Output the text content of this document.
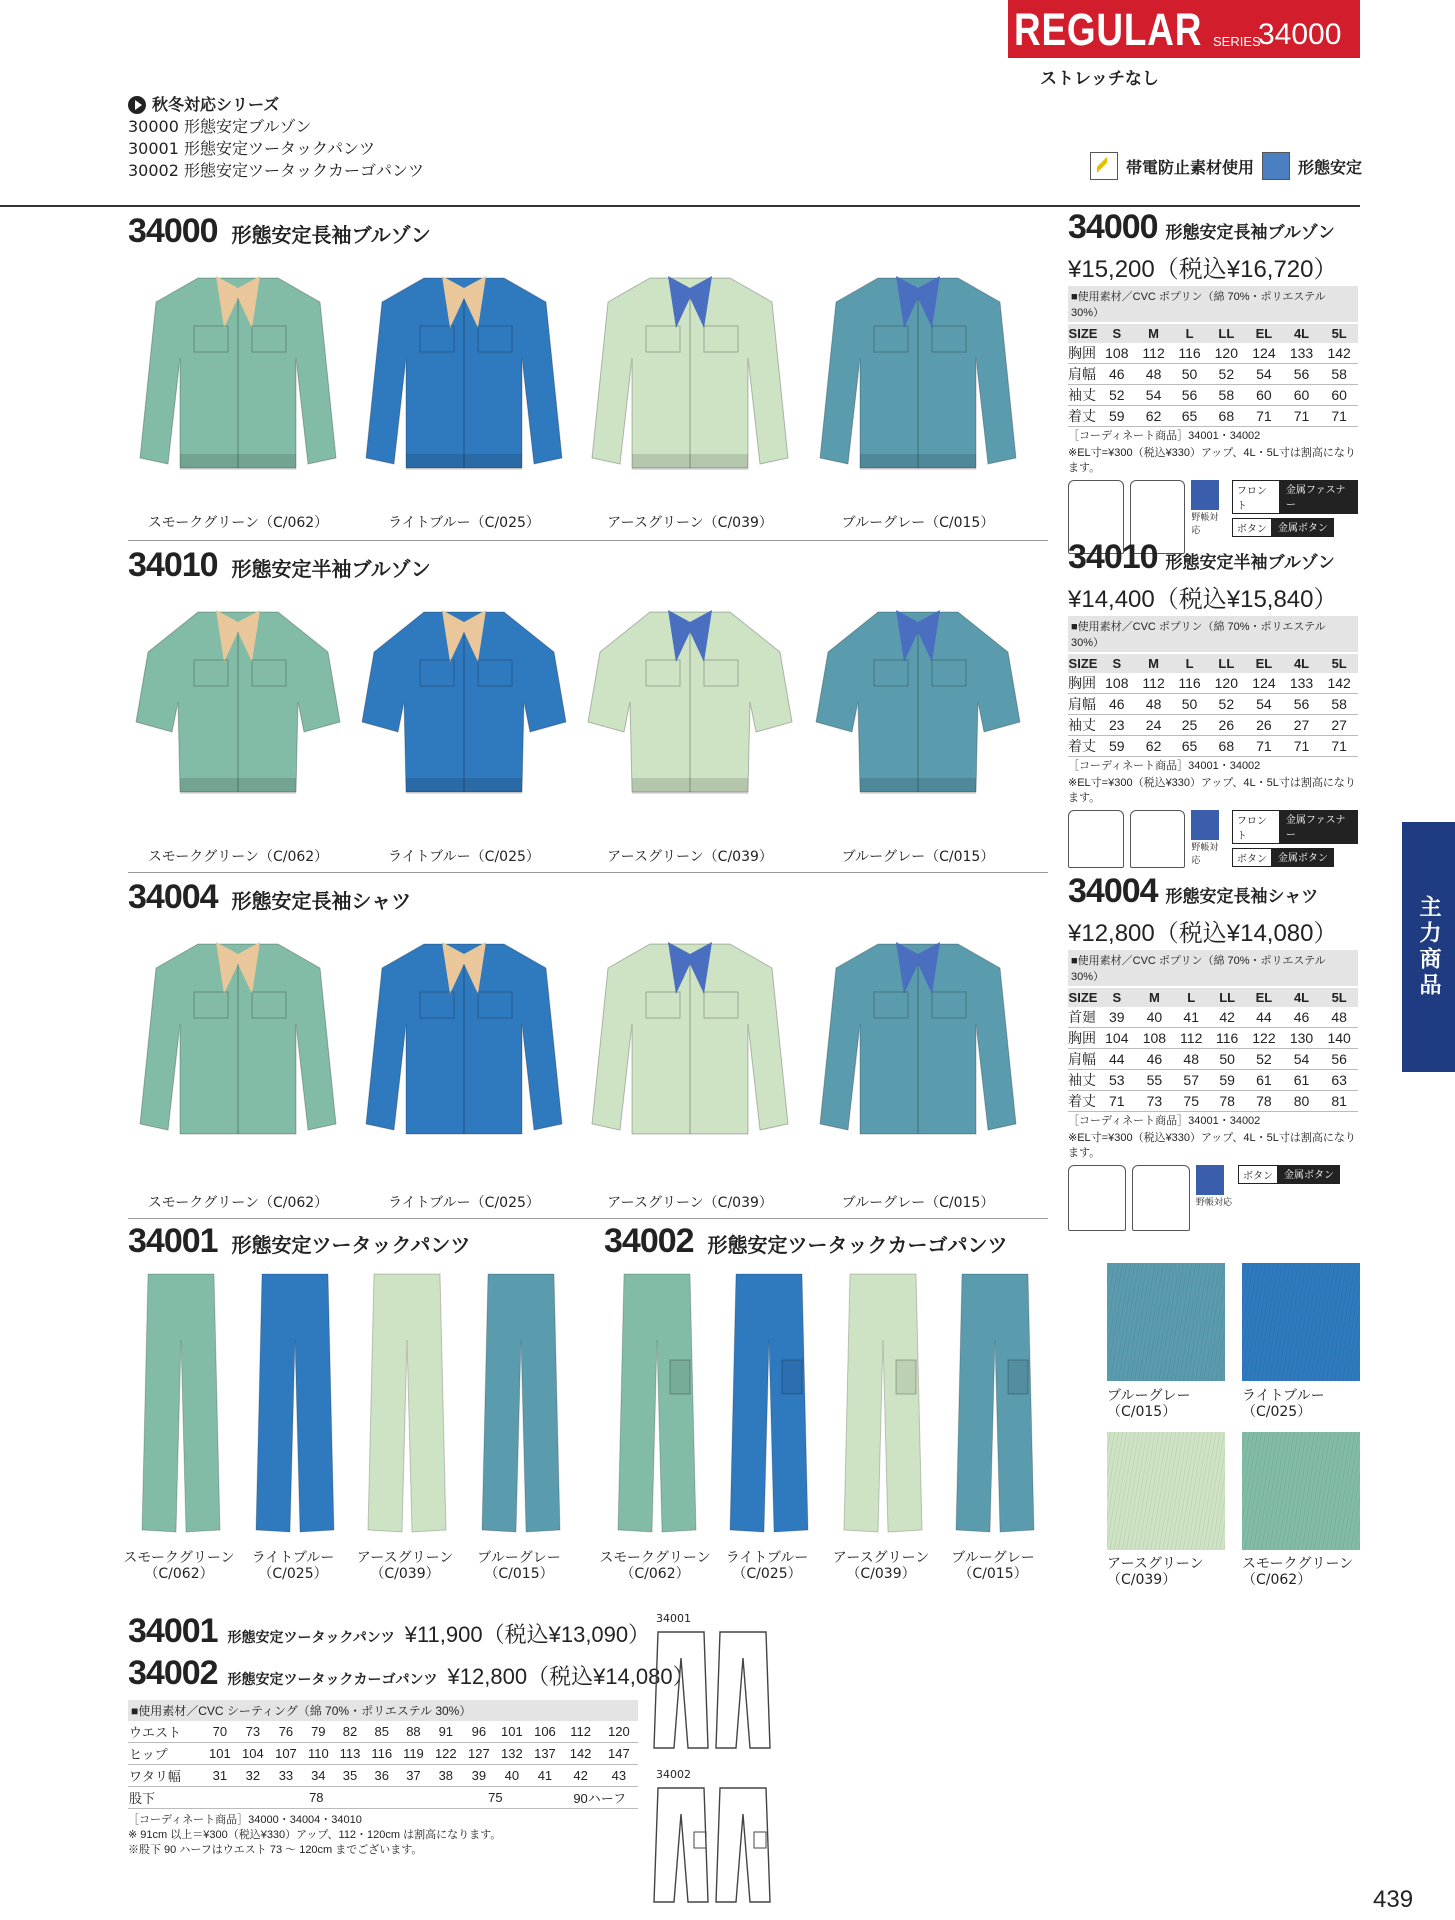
REGULAR SERIES
34000
ストレッチなし
秋冬対応シリーズ
30000 形態安定ブルゾン
30001 形態安定ツータックパンツ
30002 形態安定ツータックカーゴパンツ	帯電防止素材使用	形態安定
34000 形態安定長袖ブルゾン
34010 形態安定半袖ブルゾン
34004 形態安定長袖シャツ
34001 形態安定ツータックパンツ	34002 形態安定ツータックカーゴパンツ
スモークグリーン（C/062）	ライトブルー（C/025）	アースグリーン（C/039）	ブルーグレー（C/015）
スモークグリーン（C/062）	ライトブルー（C/025）	アースグリーン（C/039）	ブルーグレー（C/015）
スモークグリーン（C/062）	ライトブルー（C/025）	アースグリーン（C/039）	ブルーグレー（C/015）
スモークグリーン
（C/062）
ライトブルー
（C/025）
アースグリーン
（C/039）
ブルーグレー
（C/015）
スモークグリーン
（C/062）
ライトブルー
（C/025）
アースグリーン
（C/039）
ブルーグレー
（C/015）
34000 形態安定長袖ブルゾン
¥15,200（税込¥16,720）
■使用素材／CVC ポプリン（綿 70%・ポリエステル 30%）
SIZE	S	M	L	LL	EL	4L	5L
胸囲	108	112	116	120	124	133	142
肩幅	46	48	50	52	54	56	58
袖丈	52	54	56	58	60	60	60
着丈	59	62	65	68	71	71	71
［コーディネート商品］34001・34002
※EL寸=¥300（税込¥330）アップ、4L・5L寸は割高になります。
野帳対応
フロント
金属ファスナー
ボタン	金属ボタン
34010 形態安定半袖ブルゾン
¥14,400（税込¥15,840）
■使用素材／CVC ポプリン（綿 70%・ポリエステル 30%）
SIZE	S	M	L	LL	EL	4L	5L
胸囲	108	112	116	120	124	133	142
肩幅	46	48	50	52	54	56	58
袖丈	23	24	25	26	26	27	27
着丈	59	62	65	68	71	71	71
［コーディネート商品］34001・34002
※EL寸=¥300（税込¥330）アップ、4L・5L寸は割高になります。
野帳対応
フロント
金属ファスナー
ボタン	金属ボタン
34004 形態安定長袖シャツ
¥12,800（税込¥14,080）
■使用素材／CVC ポプリン（綿 70%・ポリエステル 30%）
SIZE	S	M	L	LL	EL	4L	5L
首廻	39	40	41	42	44	46	48
胸囲	104	108	112	116	122	130	140
肩幅	44	46	48	50	52	54	56
袖丈	53	55	57	59	61	61	63
着丈	71	73	75	78	78	80	81
［コーディネート商品］34001・34002
※EL寸=¥300（税込¥330）アップ、4L・5L寸は割高になります。
野帳対応
ボタン	金属ボタン
主力商品
ブルーグレー
（C/015）
ライトブルー
（C/025）
アースグリーン
（C/039）
スモークグリーン
（C/062）
34001 形態安定ツータックパンツ ¥11,900（税込¥13,090）
34002 形態安定ツータックカーゴパンツ ¥12,800（税込¥14,080）
■使用素材／CVC シーティング（綿 70%・ポリエステル 30%）
ウエスト	70	73	76	79	82	85	88	91	96	101	106	112	120
ヒップ	101	104	107	110	113	116	119	122	127	132	137	142	147
ワタリ幅	31	32	33	34	35	36	37	38	39	40	41	42	43
股下	78							75				90ハーフ	
［コーディネート商品］34000・34004・34010
※ 91cm 以上＝¥300（税込¥330）アップ、112・120cm は割高になります。
※股下 90 ハーフはウエスト 73 〜 120cm までございます。
34001
34002
439
